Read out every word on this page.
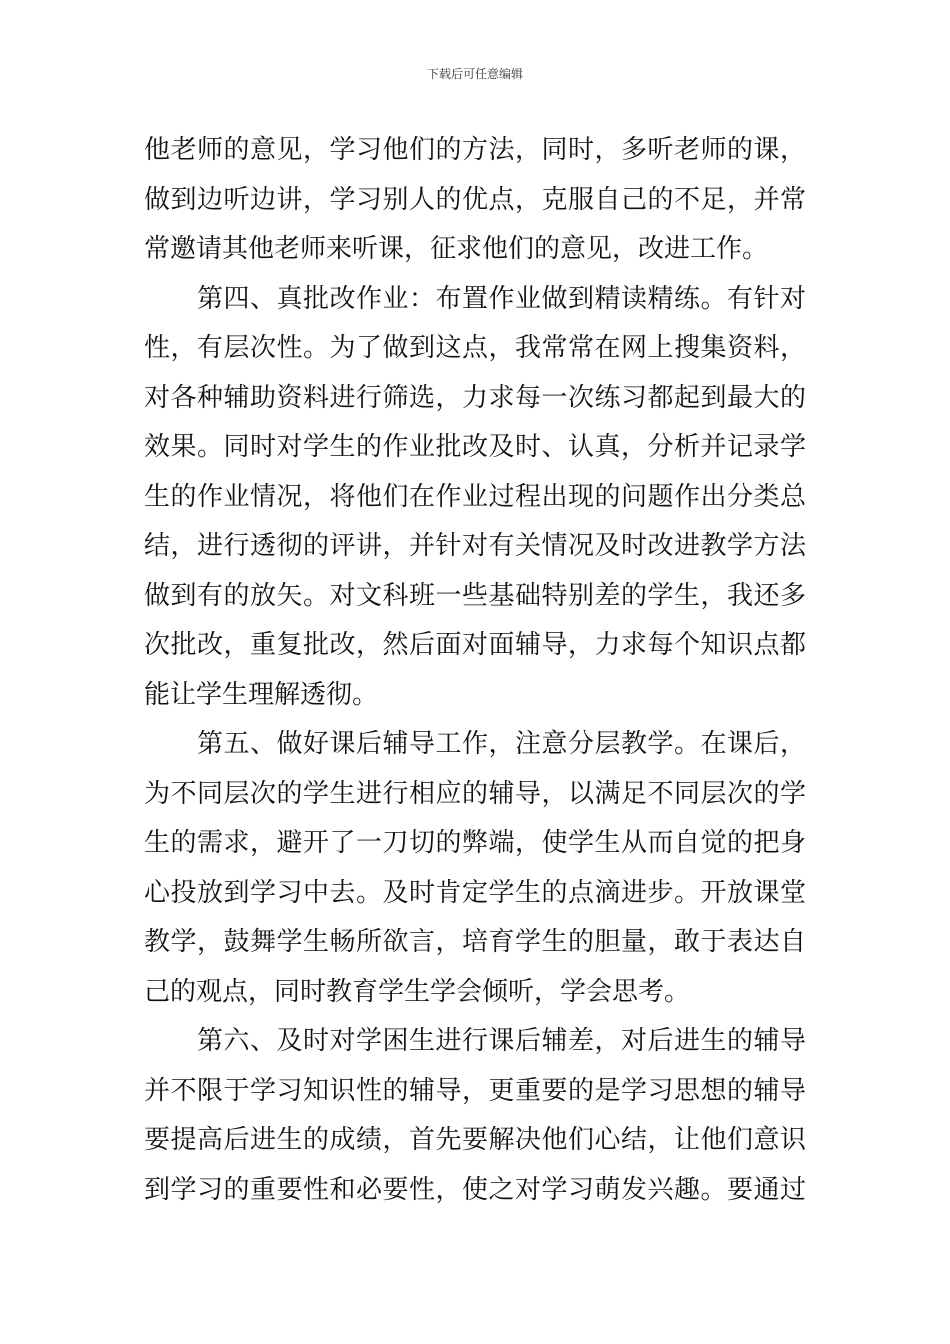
下载后可任意编辑
他老师的意见，学习他们的方法，同时，多听老师的课，
做到边听边讲，学习别人的优点，克服自己的不足，并常
常邀请其他老师来听课，征求他们的意见，改进工作。
　　第四、真批改作业：布置作业做到精读精练。有针对
性，有层次性。为了做到这点，我常常在网上搜集资料，
对各种辅助资料进行筛选，力求每一次练习都起到最大的
效果。同时对学生的作业批改及时、认真，分析并记录学
生的作业情况，将他们在作业过程出现的问题作出分类总
结，进行透彻的评讲，并针对有关情况及时改进教学方法
做到有的放矢。对文科班一些基础特别差的学生，我还多
次批改，重复批改，然后面对面辅导，力求每个知识点都
能让学生理解透彻。
　　第五、做好课后辅导工作，注意分层教学。在课后，
为不同层次的学生进行相应的辅导，以满足不同层次的学
生的需求，避开了一刀切的弊端，使学生从而自觉的把身
心投放到学习中去。及时肯定学生的点滴进步。开放课堂
教学，鼓舞学生畅所欲言，培育学生的胆量，敢于表达自
己的观点，同时教育学生学会倾听，学会思考。
　　第六、及时对学困生进行课后辅差，对后进生的辅导
并不限于学习知识性的辅导，更重要的是学习思想的辅导
要提高后进生的成绩，首先要解决他们心结，让他们意识
到学习的重要性和必要性，使之对学习萌发兴趣。要通过
